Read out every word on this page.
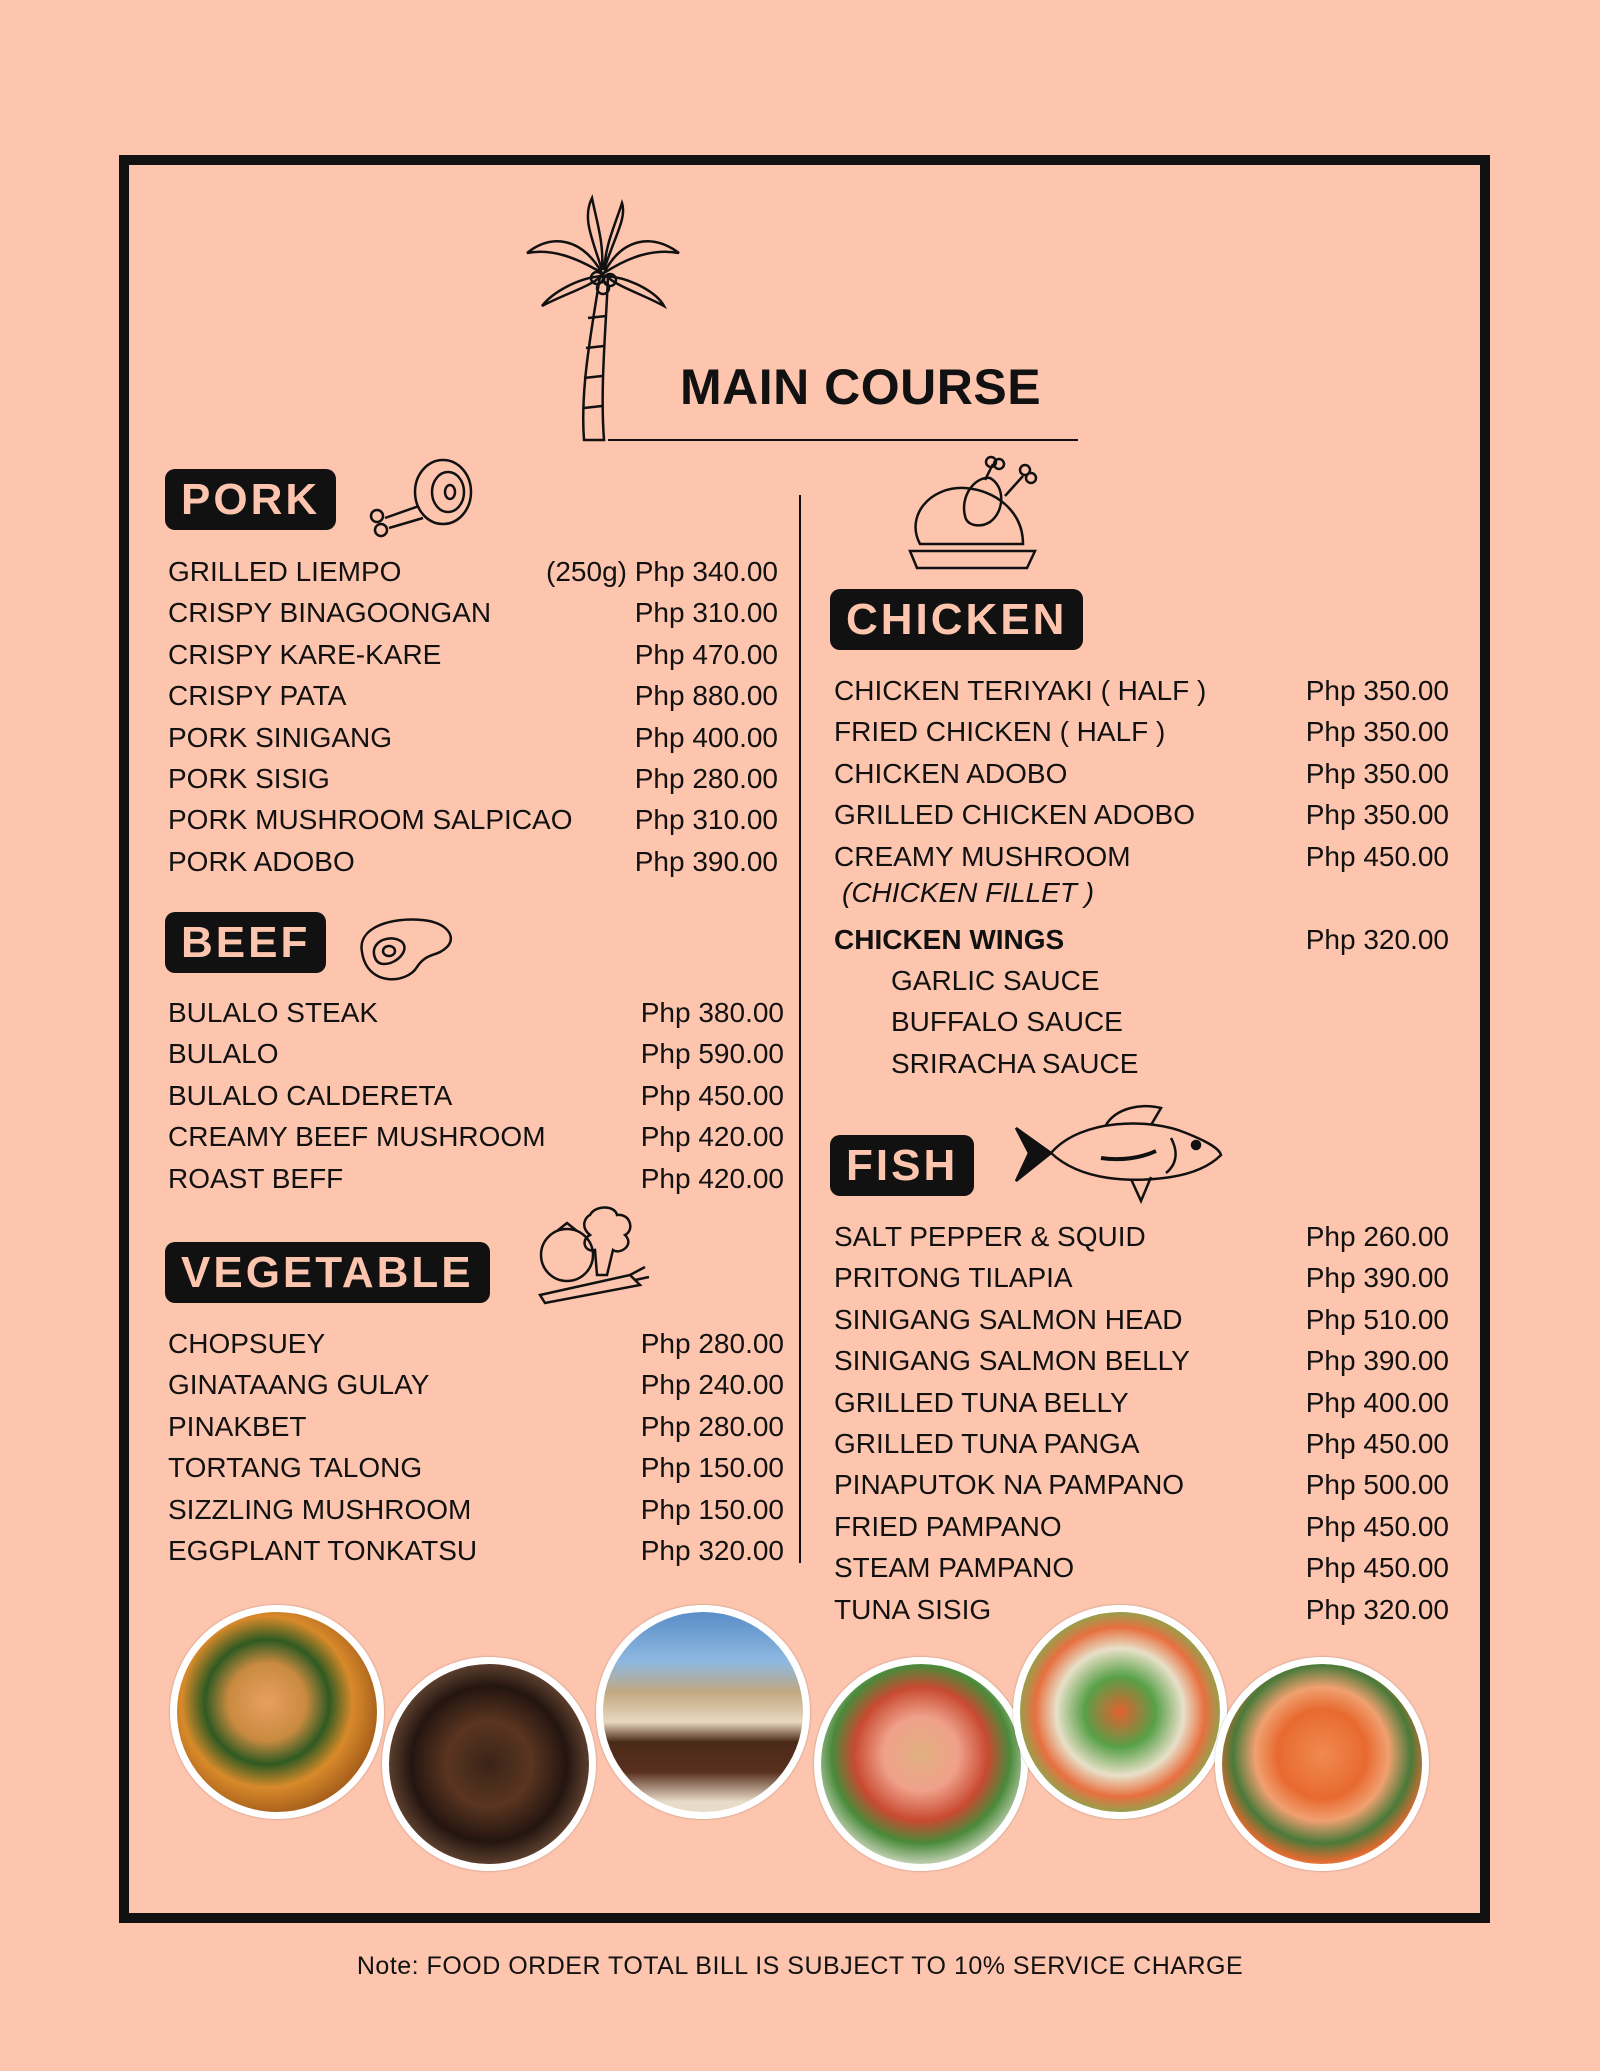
MAIN COURSE
PORK
BEEF
VEGETABLE
CHICKEN
FISH
GRILLED LIEMPO	(250g) Php 340.00
CRISPY BINAGOONGAN	Php 310.00
CRISPY KARE-KARE	Php 470.00
CRISPY PATA	Php 880.00
PORK SINIGANG	Php 400.00
PORK SISIG	Php 280.00
PORK MUSHROOM SALPICAO Php 310.00
PORK ADOBO	Php 390.00
BULALO STEAK	Php 380.00
BULALO	Php 590.00
BULALO CALDERETA	Php 450.00
CREAMY BEEF MUSHROOM	Php 420.00
ROAST BEFF	Php 420.00
CHOPSUEY	Php 280.00
GINATAANG GULAY	Php 240.00
PINAKBET	Php 280.00
TORTANG TALONG	Php 150.00
SIZZLING MUSHROOM	Php 150.00
EGGPLANT TONKATSU	Php 320.00
CHICKEN TERIYAKI ( HALF )	Php 350.00
FRIED CHICKEN ( HALF )	Php 350.00
CHICKEN ADOBO	Php 350.00
GRILLED CHICKEN ADOBO	Php 350.00
CREAMY MUSHROOM	Php 450.00
SALT PEPPER & SQUID	Php 260.00
PRITONG TILAPIA	Php 390.00
SINIGANG SALMON HEAD	Php 510.00
SINIGANG SALMON BELLY	Php 390.00
GRILLED TUNA BELLY	Php 400.00
GRILLED TUNA PANGA	Php 450.00
PINAPUTOK NA PAMPANO	Php 500.00
FRIED PAMPANO	Php 450.00
STEAM PAMPANO	Php 450.00
TUNA SISIG	Php 320.00
(CHICKEN FILLET )
CHICKEN WINGS	Php 320.00
GARLIC SAUCE
BUFFALO SAUCE
SRIRACHA SAUCE
Note: FOOD ORDER TOTAL BILL IS SUBJECT TO 10% SERVICE CHARGE
